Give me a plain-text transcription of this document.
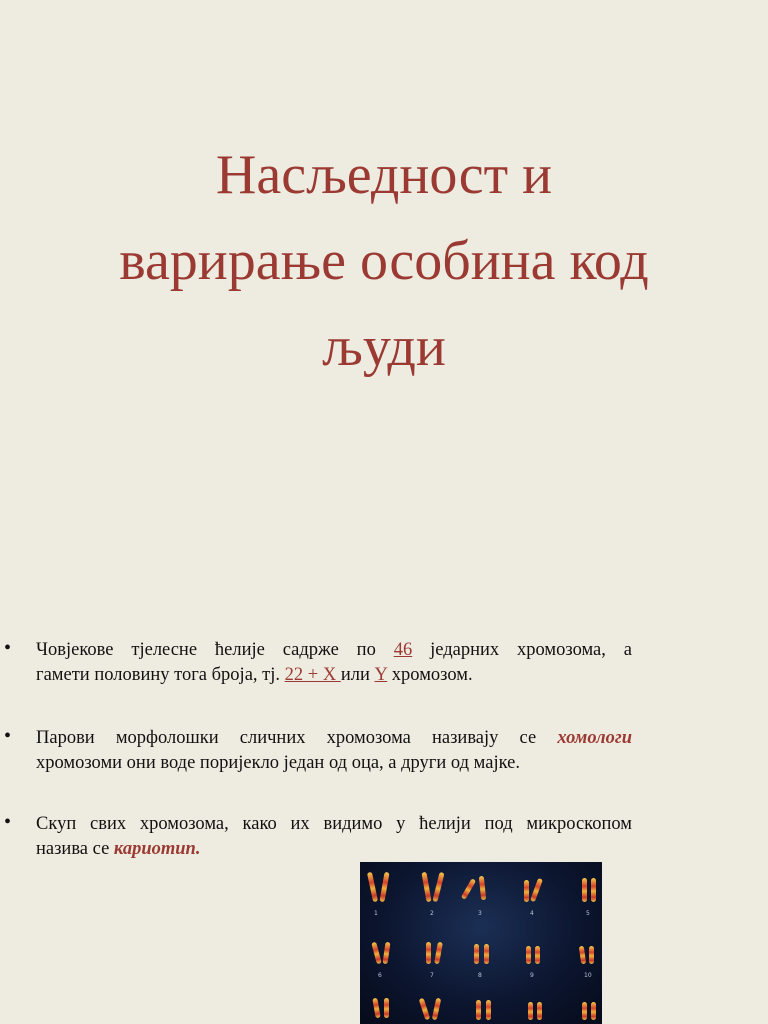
Насљедност и
варирање особина код
људи
• Човјекове тјелесне ћелије садрже по 46 једарних хромозома, а
гамети половину тога броја, тј. 22 + X или Y хромозом.
• Парови морфолошки сличних хромозома називају се хомологи
хромозоми они воде поријекло један од оца, а други од мајке.
• Скуп свих хромозома, како их видимо у ћелији под микроскопом
назива се кариотип.
1	2	3	4	5
6	7	8	9	10
